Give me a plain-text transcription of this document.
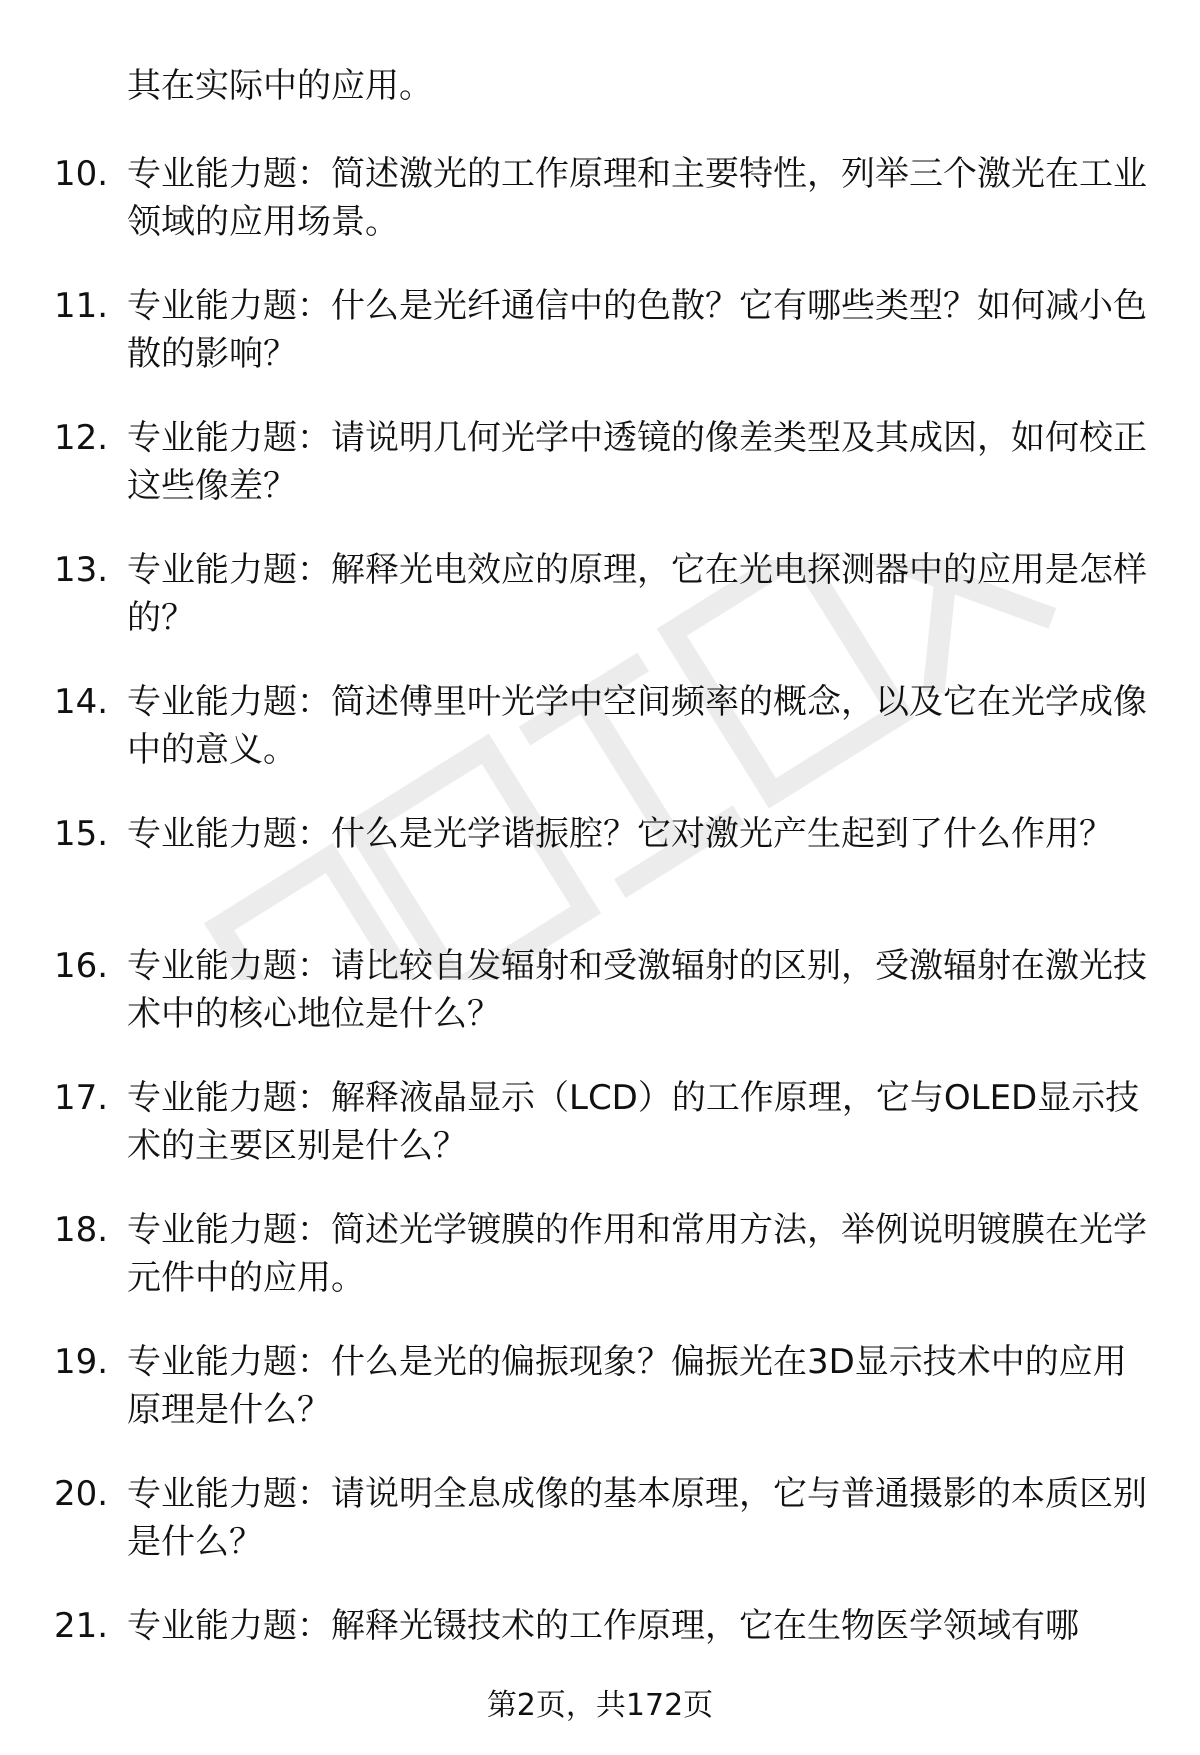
其在实际中的应用。
10. 专业能力题：简述激光的工作原理和主要特性，列举三个激光在工业领域的应用场景。
11. 专业能力题：什么是光纤通信中的色散？它有哪些类型？如何减小色散的影响？
12. 专业能力题：请说明几何光学中透镜的像差类型及其成因，如何校正这些像差？
13. 专业能力题：解释光电效应的原理，它在光电探测器中的应用是怎样的？
14. 专业能力题：简述傅里叶光学中空间频率的概念，以及它在光学成像中的意义。
15. 专业能力题：什么是光学谐振腔？它对激光产生起到了什么作用？
16. 专业能力题：请比较自发辐射和受激辐射的区别，受激辐射在激光技术中的核心地位是什么？
17. 专业能力题：解释液晶显示（LCD）的工作原理，它与OLED显示技术的主要区别是什么？
18. 专业能力题：简述光学镀膜的作用和常用方法，举例说明镀膜在光学元件中的应用。
19. 专业能力题：什么是光的偏振现象？偏振光在3D显示技术中的应用原理是什么？
20. 专业能力题：请说明全息成像的基本原理，它与普通摄影的本质区别是什么？
21. 专业能力题：解释光镊技术的工作原理，它在生物医学领域有哪
第2页，共172页
